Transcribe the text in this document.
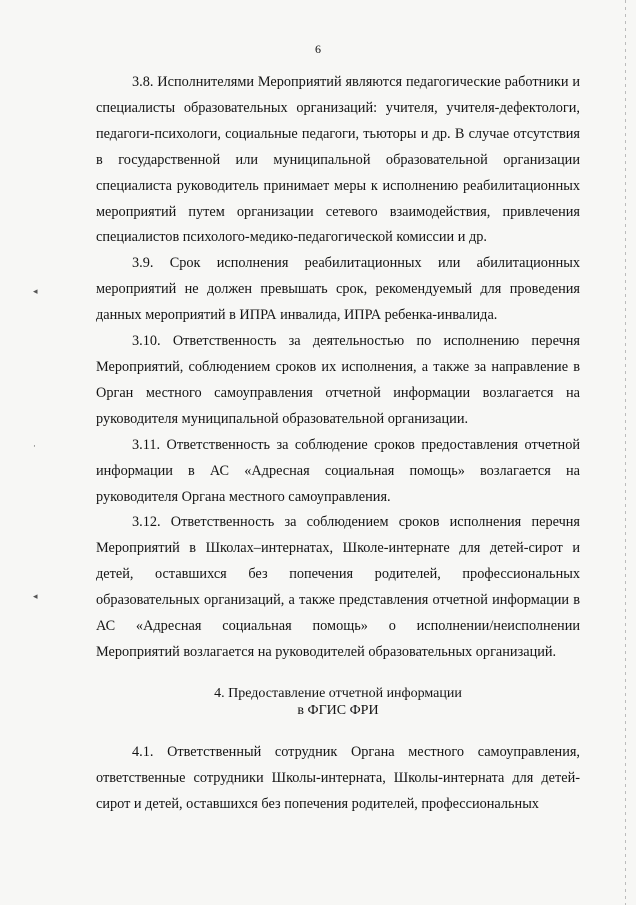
6
◂
·
◂

3.8. Исполнителями Мероприятий являются педагогические работники и специалисты образовательных организаций: учителя, учителя-дефектологи, педагоги-психологи, социальные педагоги, тьюторы и др. В случае отсутствия в государственной или муниципальной образовательной организации специалиста руководитель принимает меры к исполнению реабилитационных мероприятий путем организации сетевого взаимодействия, привлечения специалистов психолого-медико-педагогической комиссии и др.

3.9. Срок исполнения реабилитационных или абилитационных мероприятий не должен превышать срок, рекомендуемый для проведения данных мероприятий в ИПРА инвалида, ИПРА ребенка-инвалида.

3.10. Ответственность за деятельностью по исполнению перечня Мероприятий, соблюдением сроков их исполнения, а также за направление в Орган местного самоуправления отчетной информации возлагается на руководителя муниципальной образовательной организации.

3.11. Ответственность за соблюдение сроков предоставления отчетной информации в АС «Адресная социальная помощь» возлагается на руководителя Органа местного самоуправления.

3.12. Ответственность за соблюдением сроков исполнения перечня Мероприятий в Школах–интернатах, Школе-интернате для детей-сирот и детей, оставшихся без попечения родителей, профессиональных образовательных организаций, а также представления отчетной информации в АС «Адресная социальная помощь» о исполнении/неисполнении Мероприятий возлагается на руководителей образовательных организаций.

4. Предоставление отчетной информации
в ФГИС ФРИ

4.1. Ответственный сотрудник Органа местного самоуправления, ответственные сотрудники Школы-интерната, Школы-интерната для детей-сирот и детей, оставшихся без попечения родителей, профессиональных
